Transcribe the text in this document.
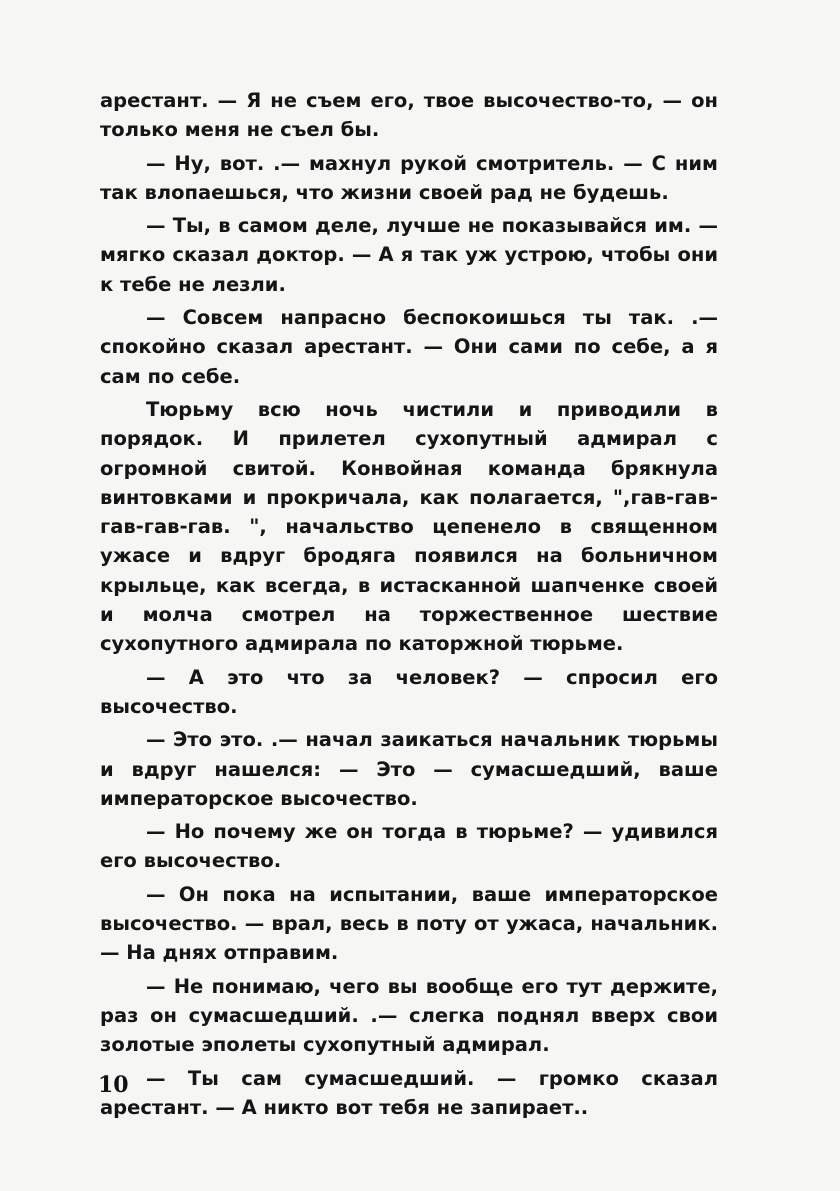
арестант. — Я не съем его, твое высочество-то, — он только меня не съел бы.

— Ну, вот. .— махнул рукой смотритель. — С ним так влопаешься, что жизни своей рад не будешь.

— Ты, в самом деле, лучше не показывайся им. — мягко сказал доктор. — А я так уж устрою, чтобы они к тебе не лезли.

— Совсем напрасно беспокоишься ты так. .— спокойно сказал арестант. — Они сами по себе, а я сам по себе.

Тюрьму всю ночь чистили и приводили в порядок. И прилетел сухопутный адмирал с огромной свитой. Конвойная команда брякнула винтовками и прокричала, как полагается, ",гав-гав-гав-гав-гав. ", начальство цепенело в священном ужасе и вдруг бродяга появился на больничном крыльце, как всегда, в истасканной шапченке своей и молча смотрел на торжественное шествие сухопутного адмирала по каторжной тюрьме.

— А это что за человек? — спросил его высочество.

— Это это. .— начал заикаться начальник тюрьмы и вдруг нашелся: — Это — сумасшедший, ваше императорское высочество.

— Но почему же он тогда в тюрьме? — удивился его высочество.

— Он пока на испытании, ваше императорское высочество. — врал, весь в поту от ужаса, начальник. — На днях отправим.

— Не понимаю, чего вы вообще его тут держите, раз он сумасшедший. .— слегка поднял вверх свои золотые эполеты сухопутный адмирал.

— Ты сам сумасшедший. — громко сказал арестант. — А никто вот тебя не запирает..

10
